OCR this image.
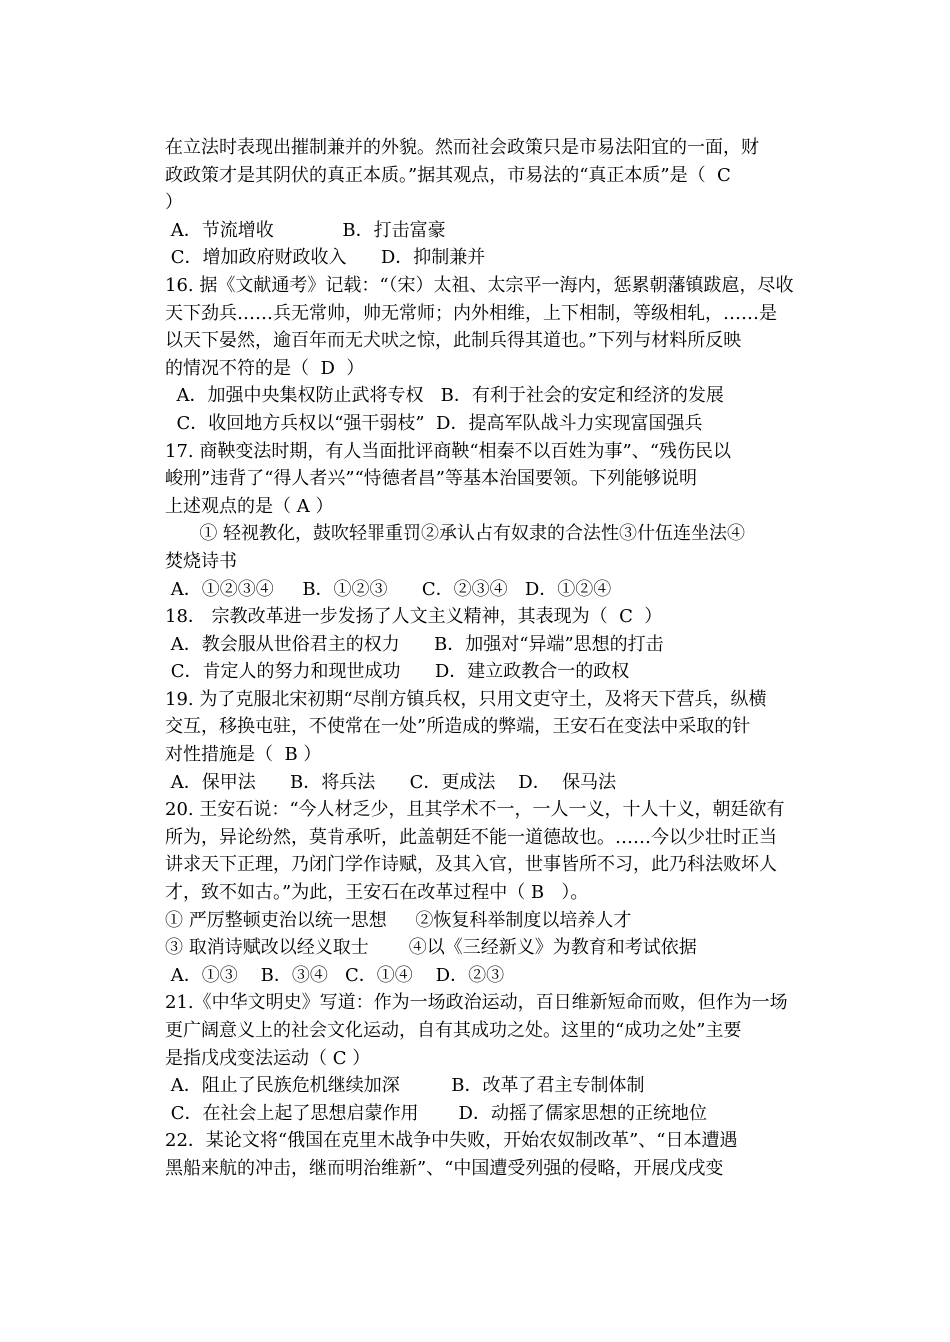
在立法时表现出摧制兼并的外貌。然而社会政策只是市易法阳宜的一面，财
政政策才是其阴伏的真正本质。”据其观点，市易法的“真正本质”是（  C
）
A．节流增收            B．打击富豪
C．增加政府财政收入      D．抑制兼并
16. 据《文献通考》记载：“（宋）太祖、太宗平一海内，惩累朝藩镇跋扈，尽收
天下劲兵……兵无常帅，帅无常师；内外相维，上下相制，等级相轧，……是
以天下晏然，逾百年而无犬吠之惊，此制兵得其道也。”下列与材料所反映
的情况不符的是（  D  ）
A．加强中央集权防止武将专权   B．有利于社会的安定和经济的发展
C．收回地方兵权以“强干弱枝”  D．提高军队战斗力实现富国强兵
17. 商鞅变法时期，有人当面批评商鞅“相秦不以百姓为事”、“残伤民以
峻刑”违背了“得人者兴”“恃德者昌”等基本治国要领。下列能够说明
上述观点的是（ A ）
① 轻视教化，鼓吹轻罪重罚②承认占有奴隶的合法性③什伍连坐法④
焚烧诗书
A．①②③④     B．①②③      C．②③④   D．①②④
18． 宗教改革进一步发扬了人文主义精神，其表现为（  C  ）
A．教会服从世俗君主的权力      B．加强对“异端”思想的打击
C．肯定人的努力和现世成功      D．建立政教合一的政权
19. 为了克服北宋初期“尽削方镇兵权，只用文吏守土，及将天下营兵，纵横
交互，移换屯驻，不使常在一处”所造成的弊端，王安石在变法中采取的针
对性措施是（  B ）
A．保甲法      B．将兵法      C．更成法    D．  保马法
20. 王安石说：“今人材乏少，且其学术不一，一人一义，十人十义，朝廷欲有
所为，异论纷然，莫肯承听，此盖朝廷不能一道德故也。……今以少壮时正当
讲求天下正理，乃闭门学作诗赋，及其入官，世事皆所不习，此乃科法败坏人
才，致不如古。”为此，王安石在改革过程中（ B   ）。
① 严厉整顿吏治以统一思想     ②恢复科举制度以培养人才
③ 取消诗赋改以经义取士       ④以《三经新义》为教育和考试依据
A．①③    B．③④   C．①④    D．②③
21.《中华文明史》写道：作为一场政治运动，百日维新短命而败，但作为一场
更广阔意义上的社会文化运动，自有其成功之处。这里的“成功之处”主要
是指戊戌变法运动（ C ）
A．阻止了民族危机继续加深         B．改革了君主专制体制
C．在社会上起了思想启蒙作用       D．动摇了儒家思想的正统地位
22．某论文将“俄国在克里木战争中失败，开始农奴制改革”、“日本遭遇
黑船来航的冲击，继而明治维新”、“中国遭受列强的侵略，开展戊戌变
